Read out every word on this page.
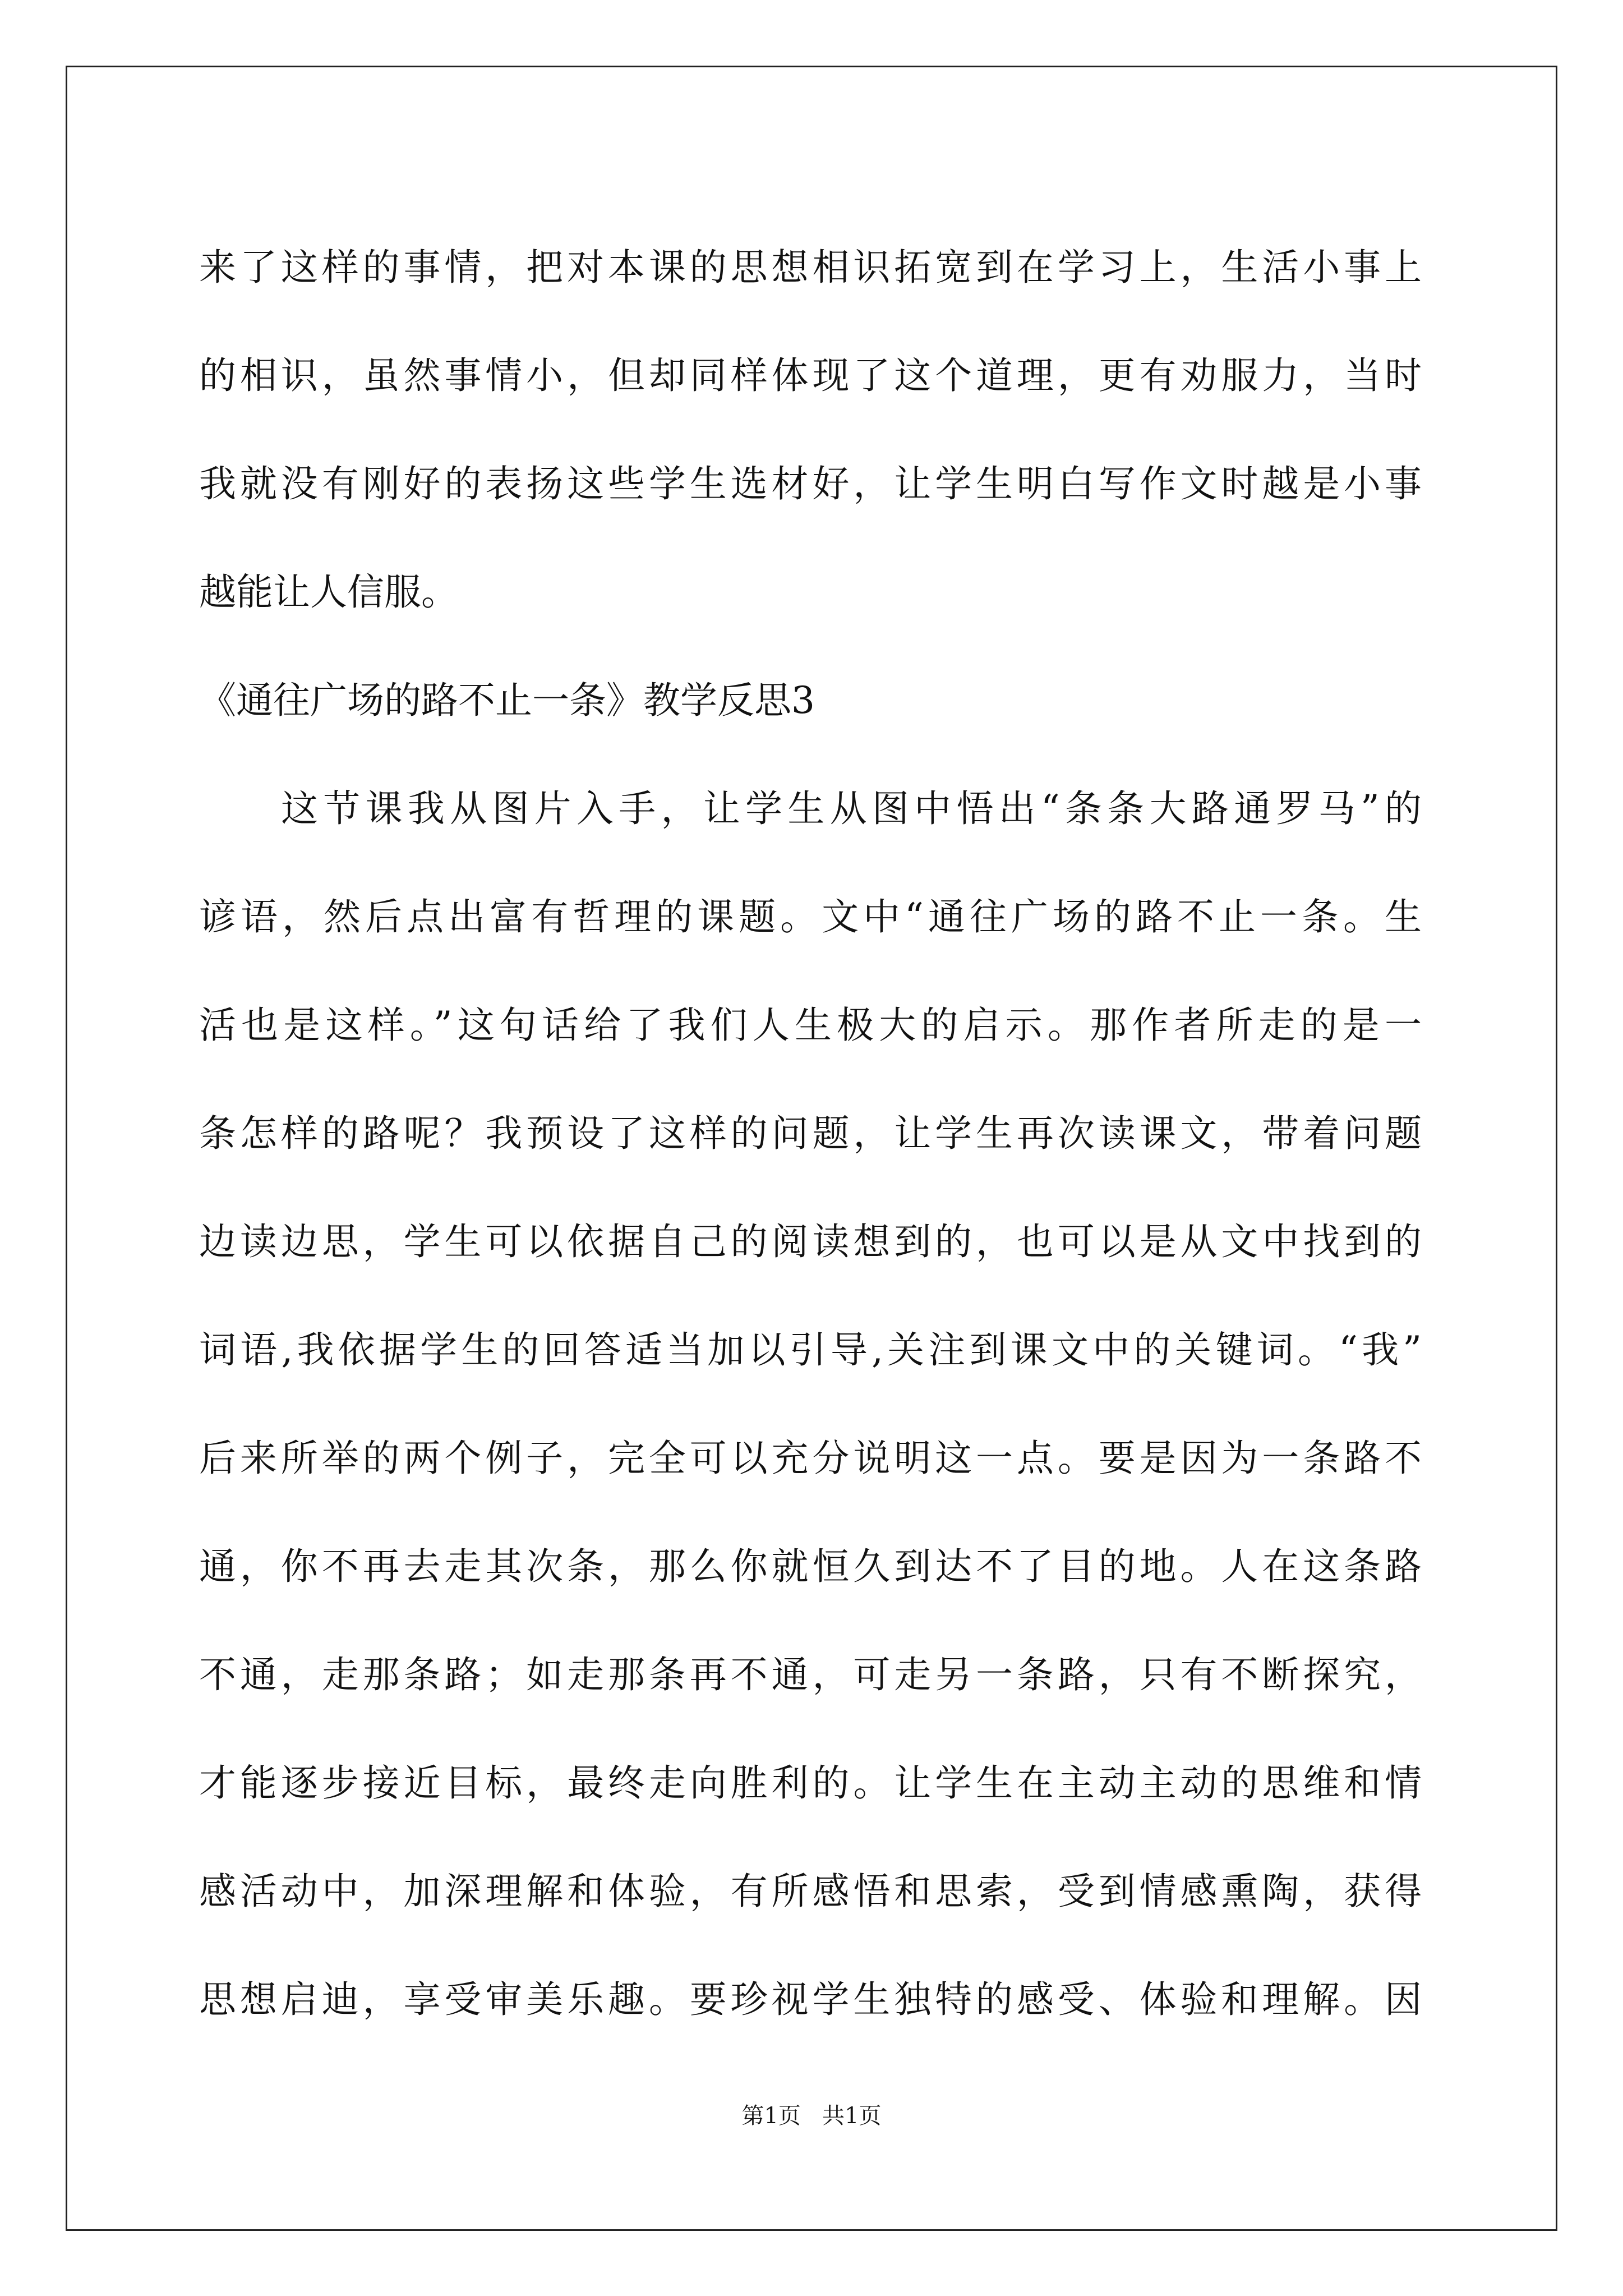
来了这样的事情，把对本课的思想相识拓宽到在学习上，生活小事上
的相识，虽然事情小，但却同样体现了这个道理，更有劝服力，当时
我就没有刚好的表扬这些学生选材好，让学生明白写作文时越是小事
越能让人信服。
《通往广场的路不止一条》教学反思3
这节课我从图片入手，让学生从图中悟出“条条大路通罗马”的
谚语，然后点出富有哲理的课题。文中“通往广场的路不止一条。生
活也是这样。”这句话给了我们人生极大的启示。那作者所走的是一
条怎样的路呢？我预设了这样的问题，让学生再次读课文，带着问题
边读边思，学生可以依据自己的阅读想到的，也可以是从文中找到的
词语,我依据学生的回答适当加以引导,关注到课文中的关键词。“我”
后来所举的两个例子，完全可以充分说明这一点。要是因为一条路不
通，你不再去走其次条，那么你就恒久到达不了目的地。人在这条路
不通，走那条路；如走那条再不通，可走另一条路，只有不断探究，
才能逐步接近目标，最终走向胜利的。让学生在主动主动的思维和情
感活动中，加深理解和体验，有所感悟和思索，受到情感熏陶，获得
思想启迪，享受审美乐趣。要珍视学生独特的感受、体验和理解。因
第1页   共1页
